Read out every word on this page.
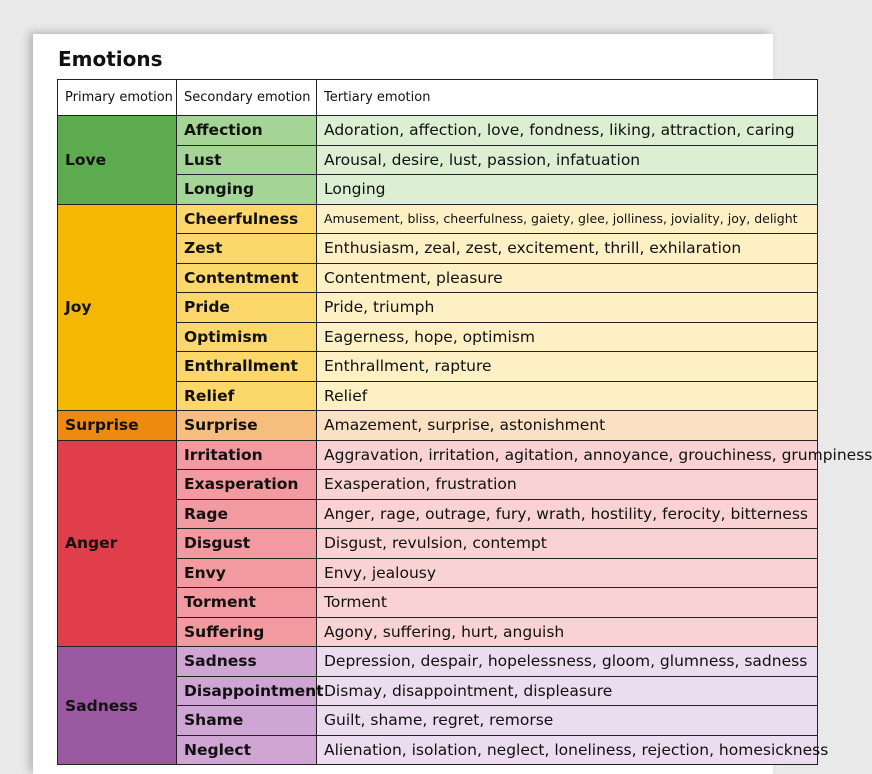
Emotions
Primary emotion	Secondary emotion	Tertiary emotion
Love	Affection	Adoration, affection, love, fondness, liking, attraction, caring
	Lust	Arousal, desire, lust, passion, infatuation
	Longing	Longing
Joy	Cheerfulness	Amusement, bliss, cheerfulness, gaiety, glee, jolliness, joviality, joy, delight
	Zest	Enthusiasm, zeal, zest, excitement, thrill, exhilaration
	Contentment	Contentment, pleasure
	Pride	Pride, triumph
	Optimism	Eagerness, hope, optimism
	Enthrallment	Enthrallment, rapture
	Relief	Relief
Surprise	Surprise	Amazement, surprise, astonishment
Anger	Irritation	Aggravation, irritation, agitation, annoyance, grouchiness, grumpiness
	Exasperation	Exasperation, frustration
	Rage	Anger, rage, outrage, fury, wrath, hostility, ferocity, bitterness
	Disgust	Disgust, revulsion, contempt
	Envy	Envy, jealousy
	Torment	Torment
	Suffering	Agony, suffering, hurt, anguish
Sadness	Sadness	Depression, despair, hopelessness, gloom, glumness, sadness
	Disappointment	Dismay, disappointment, displeasure
	Shame	Guilt, shame, regret, remorse
	Neglect	Alienation, isolation, neglect, loneliness, rejection, homesickness
